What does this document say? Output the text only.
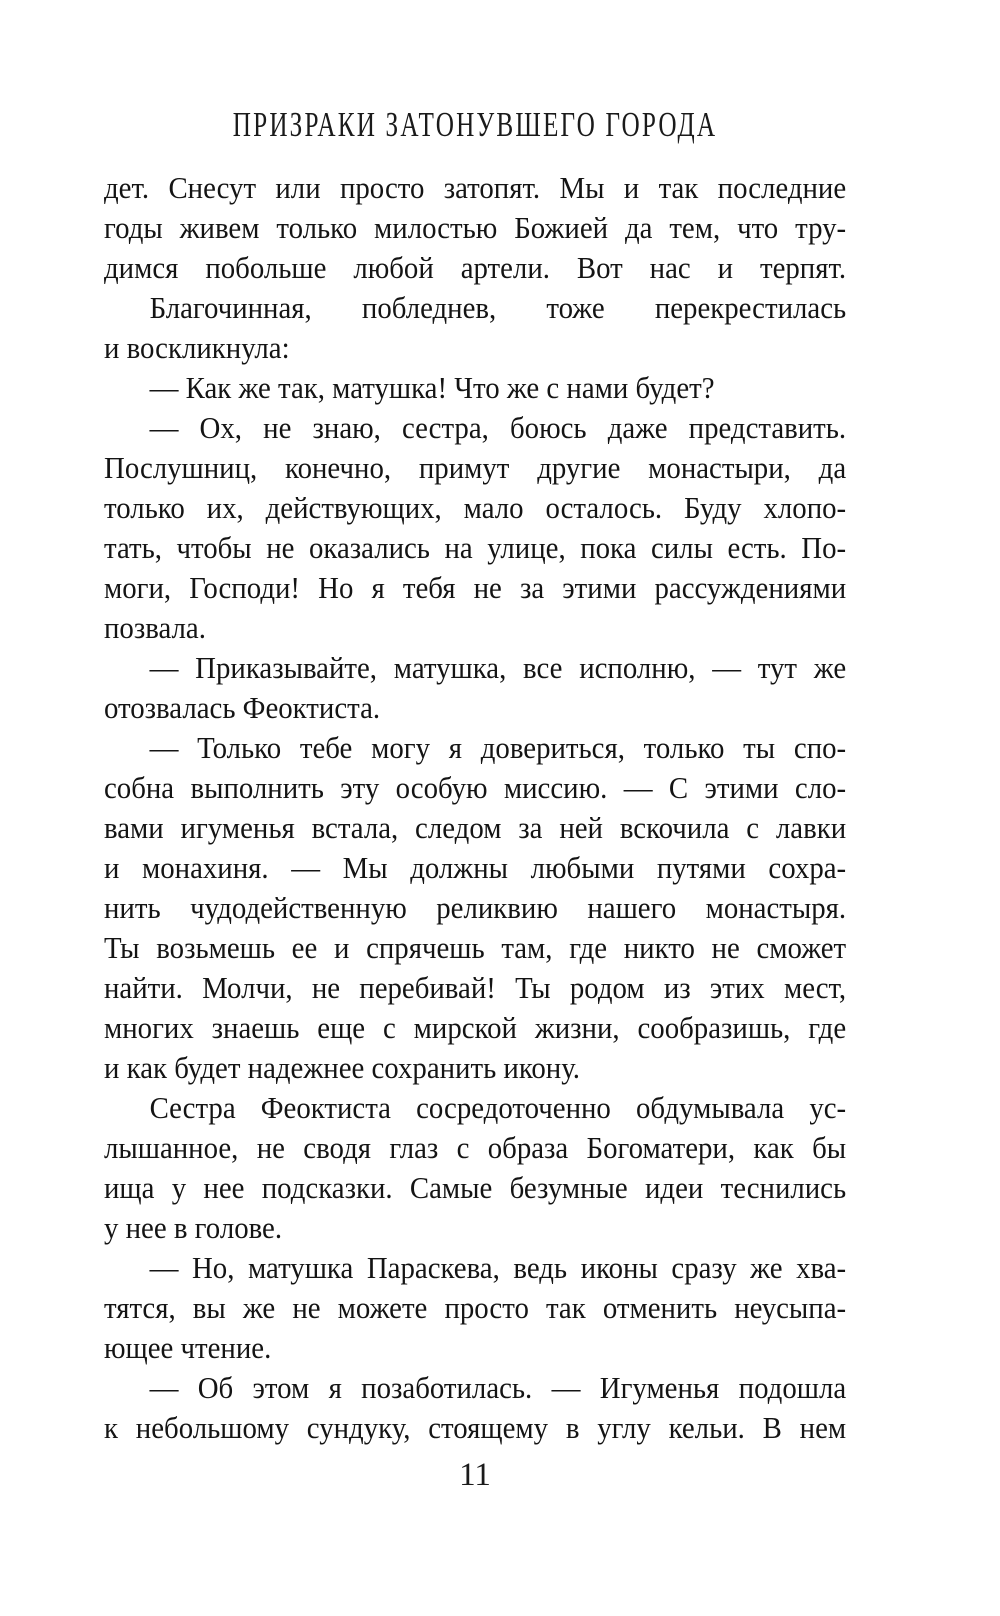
ПРИЗРАКИ ЗАТОНУВШЕГО ГОРОДА
дет. Снесут или просто затопят. Мы и так последние
годы живем только милостью Божией да тем, что тру-
димся побольше любой артели. Вот нас и терпят.
Благочинная, побледнев, тоже перекрестилась
и воскликнула:
— Как же так, матушка! Что же с нами будет?
— Ох, не знаю, сестра, боюсь даже представить.
Послушниц, конечно, примут другие монастыри, да
только их, действующих, мало осталось. Буду хлопо-
тать, чтобы не оказались на улице, пока силы есть. По-
моги, Господи! Но я тебя не за этими рассуждениями
позвала.
— Приказывайте, матушка, все исполню, — тут же
отозвалась Феоктиста.
— Только тебе могу я довериться, только ты спо-
собна выполнить эту особую миссию. — С этими сло-
вами игуменья встала, следом за ней вскочила с лавки
и монахиня. — Мы должны любыми путями сохра-
нить чудодейственную реликвию нашего монастыря.
Ты возьмешь ее и спрячешь там, где никто не сможет
найти. Молчи, не перебивай! Ты родом из этих мест,
многих знаешь еще с мирской жизни, сообразишь, где
и как будет надежнее сохранить икону.
Сестра Феоктиста сосредоточенно обдумывала ус-
лышанное, не сводя глаз с образа Богоматери, как бы
ища у нее подсказки. Самые безумные идеи теснились
у нее в голове.
— Но, матушка Параскева, ведь иконы сразу же хва-
тятся, вы же не можете просто так отменить неусыпа-
ющее чтение.
— Об этом я позаботилась. — Игуменья подошла
к небольшому сундуку, стоящему в углу кельи. В нем
11
